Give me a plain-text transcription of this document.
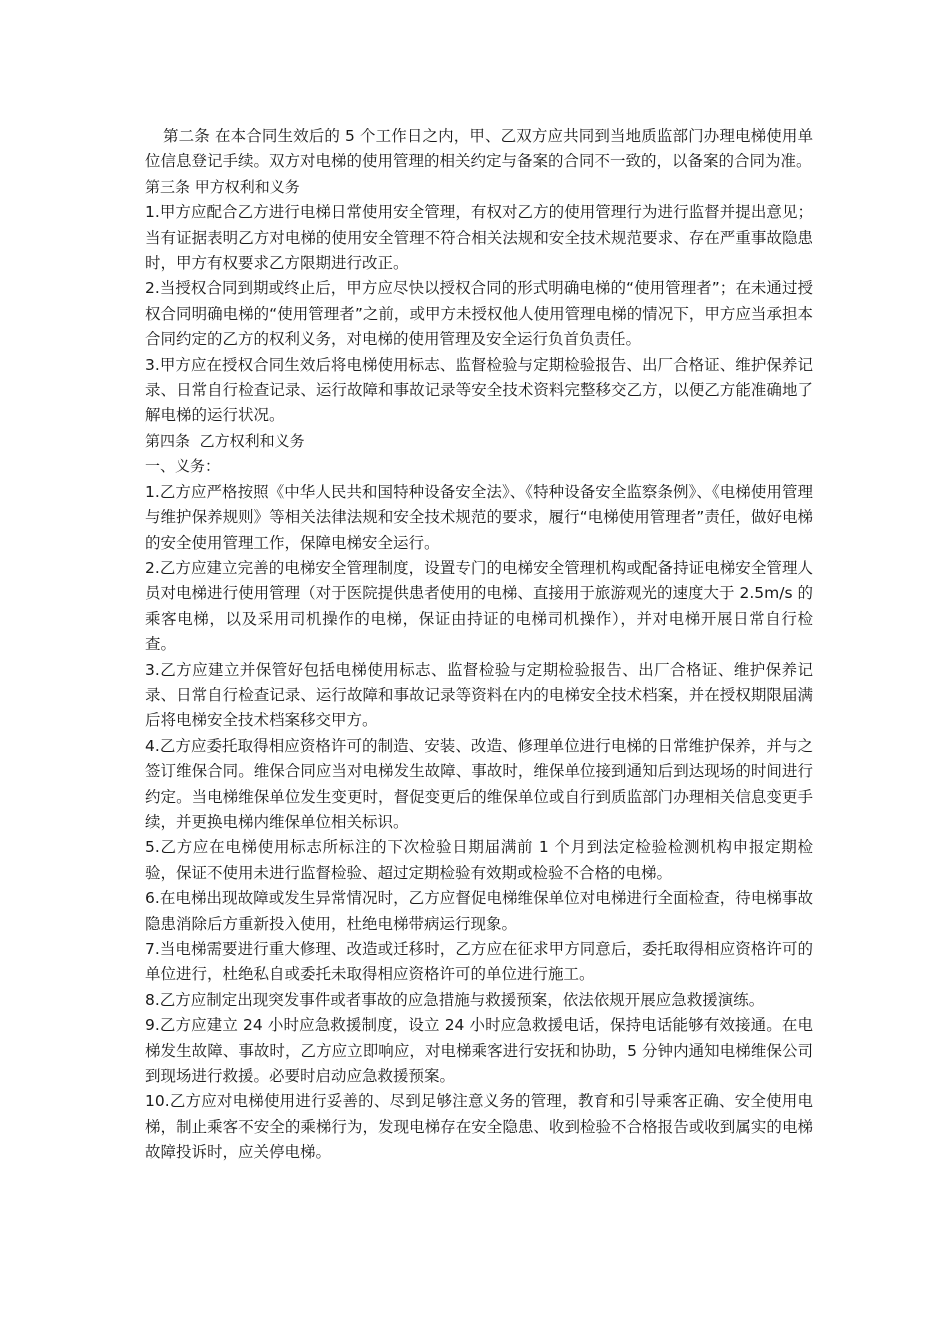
第二条 在本合同生效后的 5 个工作日之内，甲、乙双方应共同到当地质监部门办理电梯使用单位信息登记手续。双方对电梯的使用管理的相关约定与备案的合同不一致的，以备案的合同为准。

第三条 甲方权利和义务

1.甲方应配合乙方进行电梯日常使用安全管理，有权对乙方的使用管理行为进行监督并提出意见；当有证据表明乙方对电梯的使用安全管理不符合相关法规和安全技术规范要求、存在严重事故隐患时，甲方有权要求乙方限期进行改正。

2.当授权合同到期或终止后，甲方应尽快以授权合同的形式明确电梯的“使用管理者”；在未通过授权合同明确电梯的“使用管理者”之前，或甲方未授权他人使用管理电梯的情况下，甲方应当承担本合同约定的乙方的权利义务，对电梯的使用管理及安全运行负首负责任。

3.甲方应在授权合同生效后将电梯使用标志、监督检验与定期检验报告、出厂合格证、维护保养记录、日常自行检查记录、运行故障和事故记录等安全技术资料完整移交乙方，以便乙方能准确地了解电梯的运行状况。

第四条 乙方权利和义务

一、义务：

1.乙方应严格按照《中华人民共和国特种设备安全法》、《特种设备安全监察条例》、《电梯使用管理与维护保养规则》等相关法律法规和安全技术规范的要求，履行“电梯使用管理者”责任，做好电梯的安全使用管理工作，保障电梯安全运行。

2.乙方应建立完善的电梯安全管理制度，设置专门的电梯安全管理机构或配备持证电梯安全管理人员对电梯进行使用管理（对于医院提供患者使用的电梯、直接用于旅游观光的速度大于 2.5m/s 的乘客电梯，以及采用司机操作的电梯，保证由持证的电梯司机操作），并对电梯开展日常自行检查。

3.乙方应建立并保管好包括电梯使用标志、监督检验与定期检验报告、出厂合格证、维护保养记录、日常自行检查记录、运行故障和事故记录等资料在内的电梯安全技术档案，并在授权期限届满后将电梯安全技术档案移交甲方。

4.乙方应委托取得相应资格许可的制造、安装、改造、修理单位进行电梯的日常维护保养，并与之签订维保合同。维保合同应当对电梯发生故障、事故时，维保单位接到通知后到达现场的时间进行约定。当电梯维保单位发生变更时，督促变更后的维保单位或自行到质监部门办理相关信息变更手续，并更换电梯内维保单位相关标识。

5.乙方应在电梯使用标志所标注的下次检验日期届满前 1 个月到法定检验检测机构申报定期检验，保证不使用未进行监督检验、超过定期检验有效期或检验不合格的电梯。

6.在电梯出现故障或发生异常情况时，乙方应督促电梯维保单位对电梯进行全面检查，待电梯事故隐患消除后方重新投入使用，杜绝电梯带病运行现象。

7.当电梯需要进行重大修理、改造或迁移时，乙方应在征求甲方同意后，委托取得相应资格许可的单位进行，杜绝私自或委托未取得相应资格许可的单位进行施工。

8.乙方应制定出现突发事件或者事故的应急措施与救援预案，依法依规开展应急救援演练。

9.乙方应建立 24 小时应急救援制度，设立 24 小时应急救援电话，保持电话能够有效接通。在电梯发生故障、事故时，乙方应立即响应，对电梯乘客进行安抚和协助，5 分钟内通知电梯维保公司到现场进行救援。必要时启动应急救援预案。

10.乙方应对电梯使用进行妥善的、尽到足够注意义务的管理，教育和引导乘客正确、安全使用电梯，制止乘客不安全的乘梯行为，发现电梯存在安全隐患、收到检验不合格报告或收到属实的电梯故障投诉时，应关停电梯。
